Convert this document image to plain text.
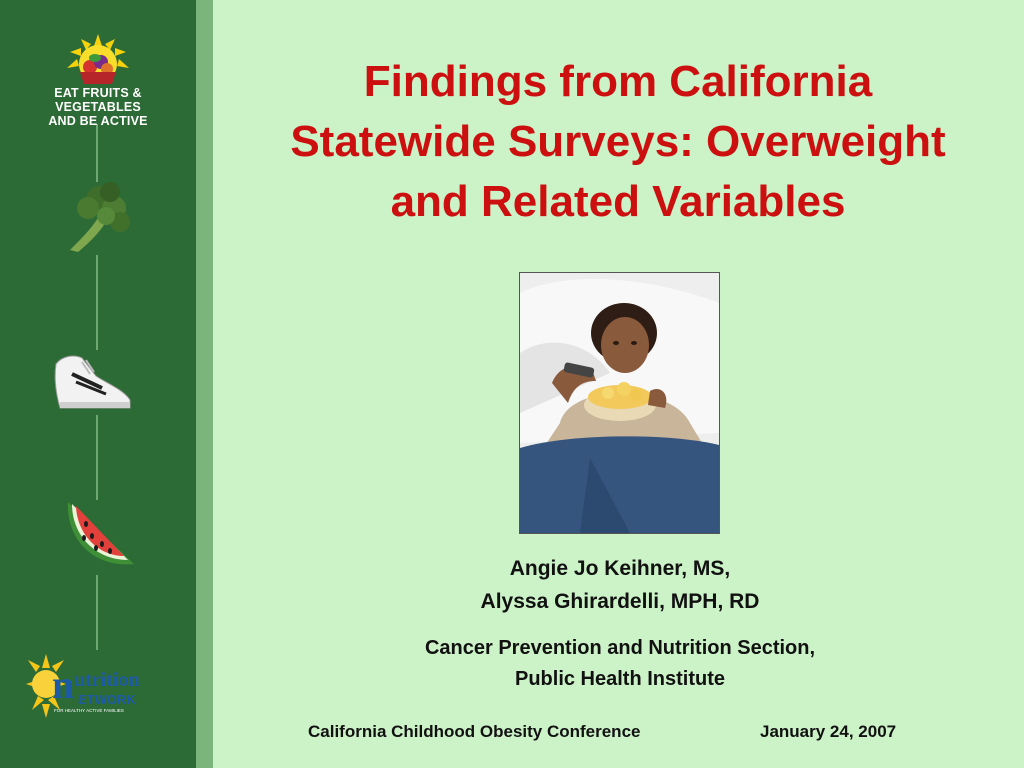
EAT FRUITS & VEGETABLES
AND BE ACTIVE
n utrition
ETWORK
FOR HEALTHY ACTIVE FAMILIES
Findings from California
Statewide Surveys: Overweight
and Related Variables
Angie Jo Keihner, MS,
Alyssa Ghirardelli, MPH, RD
Cancer Prevention and Nutrition Section,
Public Health Institute
California Childhood Obesity Conference	January 24, 2007
